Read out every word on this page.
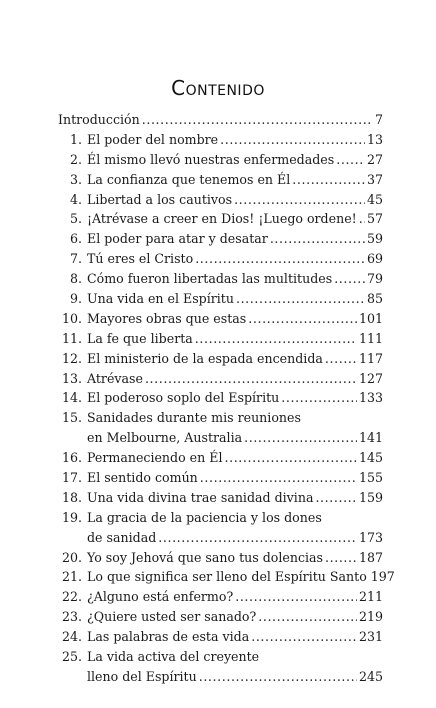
Contenido
Introducción .....	7
1. El poder del nombre .....	13
2. Él mismo llevó nuestras enfermedades .....	27
3. La confianza que tenemos en Él .....	37
4. Libertad a los cautivos .....	45
5. ¡Atrévase a creer en Dios! ¡Luego ordene! ..... 57
6. El poder para atar y desatar .....	59
7. Tú eres el Cristo .....	69
8. Cómo fueron libertadas las multitudes .....	79
9. Una vida en el Espíritu .....	85
10. Mayores obras que estas .....	101
11. La fe que liberta .....	111
12. El ministerio de la espada encendida .....	117
13. Atrévase .....	127
14. El poderoso soplo del Espíritu .....	133
15. Sanidades durante mis reuniones
en Melbourne, Australia .....	141
16. Permaneciendo en Él .....	145
17. El sentido común .....	155
18. Una vida divina trae sanidad divina .....	159
19. La gracia de la paciencia y los dones
de sanidad .....	173
20. Yo soy Jehová que sano tus dolencias .....	187
21. Lo que significa ser lleno del Espíritu Santo 197
22. ¿Alguno está enfermo? .....	211
23. ¿Quiere usted ser sanado? .....	219
24. Las palabras de esta vida .....	231
25. La vida activa del creyente
lleno del Espíritu .....	245
